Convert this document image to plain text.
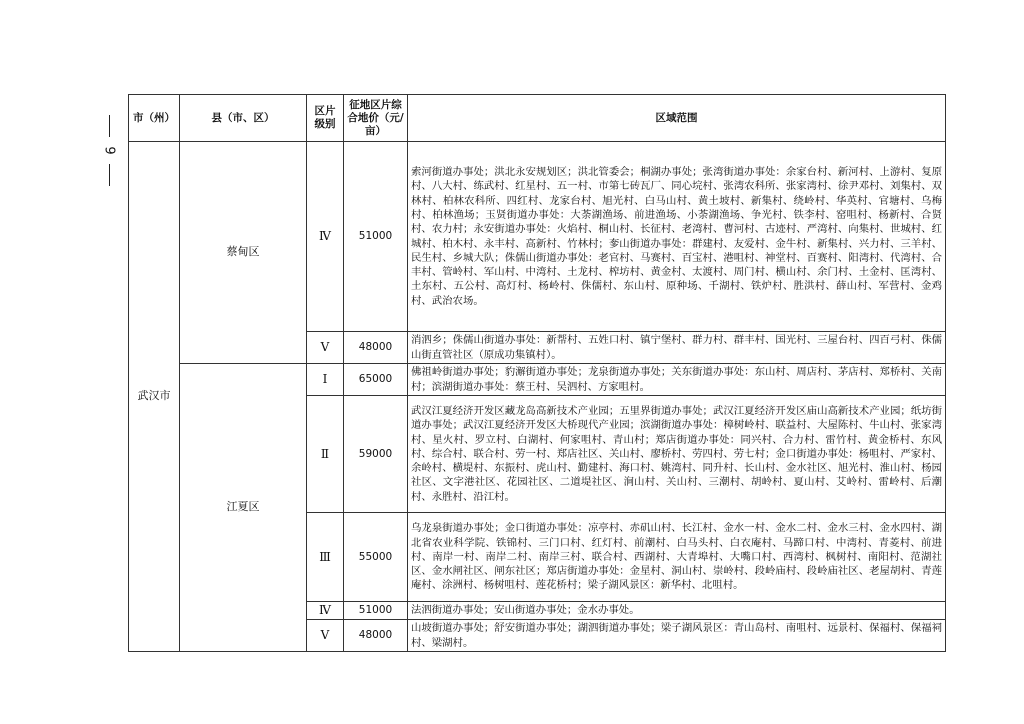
9
市（州）	县（市、区）	区片级别	征地区片综合地价（元/亩）	区域范围
武汉市	蔡甸区	Ⅳ	51000	索河街道办事处；洪北永安规划区；洪北管委会；桐湖办事处；张湾街道办事处：余家台村、新河村、上游村、复原村、八大村、练武村、红星村、五一村、市第七砖瓦厂、同心垸村、张湾农科所、张家湾村、徐尹邓村、刘集村、双林村、柏林农科所、四红村、龙家台村、旭光村、白马山村、黄土坡村、新集村、绕岭村、华英村、官塘村、乌梅村、柏林渔场；玉贤街道办事处：大荼湖渔场、前进渔场、小荼湖渔场、争光村、铁李村、窑咀村、杨新村、合贤村、农力村；永安街道办事处：火焰村、桐山村、长征村、老湾村、曹河村、古迹村、严湾村、向集村、世城村、红城村、柏木村、永丰村、高新村、竹林村；奓山街道办事处：群建村、友爱村、金牛村、新集村、兴力村、三羊村、民生村、乡城大队；侏儒山街道办事处：老官村、马赛村、百宝村、港咀村、神堂村、百赛村、阳湾村、代湾村、合丰村、管岭村、军山村、中湾村、土龙村、榨坊村、黄金村、太渡村、周门村、横山村、余门村、土金村、匡湾村、土东村、五公村、高灯村、杨岭村、侏儒村、东山村、原种场、千湖村、铁炉村、胜洪村、薛山村、军营村、金鸡村、武治农场。
		Ⅴ	48000	消泗乡；侏儒山街道办事处：新帮村、五姓口村、镇宁堡村、群力村、群丰村、国光村、三屋台村、四百弓村、侏儒山街直管社区（原成功集镇村）。
	江夏区	Ⅰ	65000	佛祖岭街道办事处；豹澥街道办事处；龙泉街道办事处；关东街道办事处：东山村、周店村、茅店村、郑桥村、关南村；滨湖街道办事处：蔡王村、吴泗村、方家咀村。
		Ⅱ	59000	武汉江夏经济开发区藏龙岛高新技术产业园；五里界街道办事处；武汉江夏经济开发区庙山高新技术产业园；纸坊街道办事处；武汉江夏经济开发区大桥现代产业园；滨湖街道办事处：樟树岭村、联益村、大屋陈村、牛山村、张家湾村、星火村、罗立村、白湖村、何家咀村、青山村；郑店街道办事处：同兴村、合力村、雷竹村、黄金桥村、东风村、综合村、联合村、劳一村、郑店社区、关山村、廖桥村、劳四村、劳七村；金口街道办事处：杨咀村、严家村、余岭村、横堤村、东振村、虎山村、勤建村、海口村、姚湾村、同升村、长山村、金水社区、旭光村、淮山村、杨园社区、文字港社区、花园社区、二道堤社区、涧山村、关山村、三潮村、胡岭村、夏山村、艾岭村、雷岭村、后潮村、永胜村、沿江村。
		Ⅲ	55000	乌龙泉街道办事处；金口街道办事处：凉亭村、赤矶山村、长江村、金水一村、金水二村、金水三村、金水四村、湖北省农业科学院、铁锦村、三门口村、红灯村、前潮村、白马头村、白衣庵村、马蹄口村、中湾村、青菱村、前进村、南岸一村、南岸二村、南岸三村、联合村、西湖村、大青埠村、大嘴口村、西湾村、枫树村、南阳村、范湖社区、金水闸社区、闸东社区；郑店街道办事处：金星村、洞山村、崇岭村、段岭庙村、段岭庙社区、老屋胡村、青莲庵村、涂洲村、杨树咀村、莲花桥村；梁子湖风景区：新华村、北咀村。
		Ⅳ	51000	法泗街道办事处；安山街道办事处；金水办事处。
		Ⅴ	48000	山坡街道办事处；舒安街道办事处；湖泗街道办事处；梁子湖风景区：青山岛村、南咀村、远景村、保福村、保福祠村、梁湖村。
